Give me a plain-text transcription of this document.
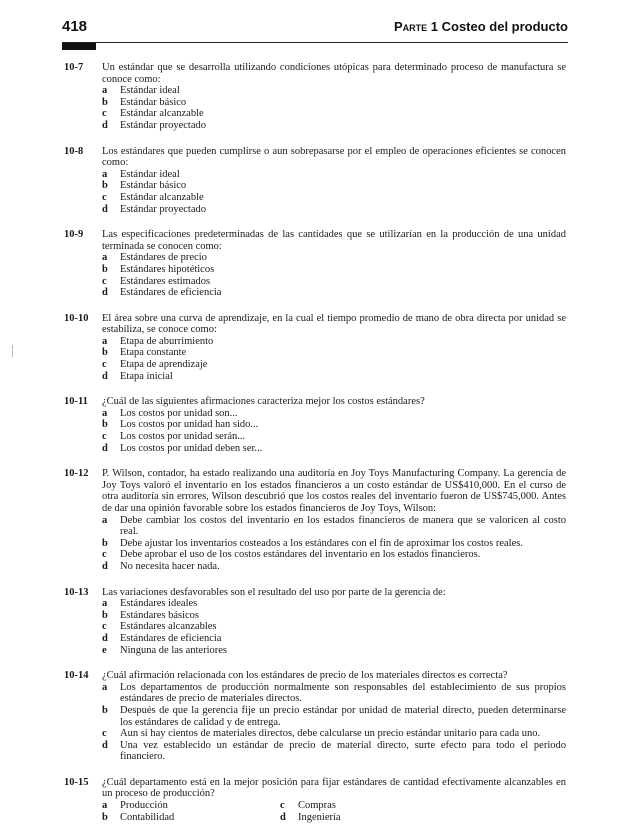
418	Parte 1 Costeo del producto
10-7	Un estándar que se desarrolla utilizando condiciones utópicas para determinado proceso de manufactura se conoce como:
a	Estándar ideal
b	Estándar básico
c	Estándar alcanzable
d	Estándar proyectado
10-8	Los estándares que pueden cumplirse o aun sobrepasarse por el empleo de operaciones eficientes se conocen como:
a	Estándar ideal
b	Estándar básico
c	Estándar alcanzable
d	Estándar proyectado
10-9	Las especificaciones predeterminadas de las cantidades que se utilizarían en la producción de una unidad terminada se conocen como:
a	Estándares de precio
b	Estándares hipotéticos
c	Estándares estimados
d	Estándares de eficiencia
10-10	El área sobre una curva de aprendizaje, en la cual el tiempo promedio de mano de obra directa por unidad se estabiliza, se conoce como:
a	Etapa de aburrimiento
b	Etapa constante
c	Etapa de aprendizaje
d	Etapa inicial
10-11	¿Cuál de las siguientes afirmaciones caracteriza mejor los costos estándares?
a	Los costos por unidad son...
b	Los costos por unidad han sido...
c	Los costos por unidad serán...
d	Los costos por unidad deben ser...
10-12	P. Wilson, contador, ha estado realizando una auditoría en Joy Toys Manufacturing Company. La gerencia de Joy Toys valoró el inventario en los estados financieros a un costo estándar de US$410,000. En el curso de otra auditoría sin errores, Wilson descubrió que los costos reales del inventario fueron de US$745,000. Antes de dar una opinión favorable sobre los estados financieros de Joy Toys, Wilson:
a	Debe cambiar los costos del inventario en los estados financieros de manera que se valoricen al costo real.
b	Debe ajustar los inventarios costeados a los estándares con el fin de aproximar los costos reales.
c	Debe aprobar el uso de los costos estándares del inventario en los estados financieros.
d	No necesita hacer nada.
10-13	Las variaciones desfavorables son el resultado del uso por parte de la gerencia de:
a	Estándares ideales
b	Estándares básicos
c	Estándares alcanzables
d	Estándares de eficiencia
e	Ninguna de las anteriores
10-14	¿Cuál afirmación relacionada con los estándares de precio de los materiales directos es correcta?
a	Los departamentos de producción normalmente son responsables del establecimiento de sus propios estándares de precio de materiales directos.
b	Después de que la gerencia fije un precio estándar por unidad de material directo, pueden determinarse los estándares de calidad y de entrega.
c	Aun si hay cientos de materiales directos, debe calcularse un precio estándar unitario para cada uno.
d	Una vez establecido un estándar de precio de material directo, surte efecto para todo el periodo financiero.
10-15	¿Cuál departamento está en la mejor posición para fijar estándares de cantidad efectivamente alcanzables en un proceso de producción?
a	Producción	c	Compras
b	Contabilidad	d	Ingeniería
